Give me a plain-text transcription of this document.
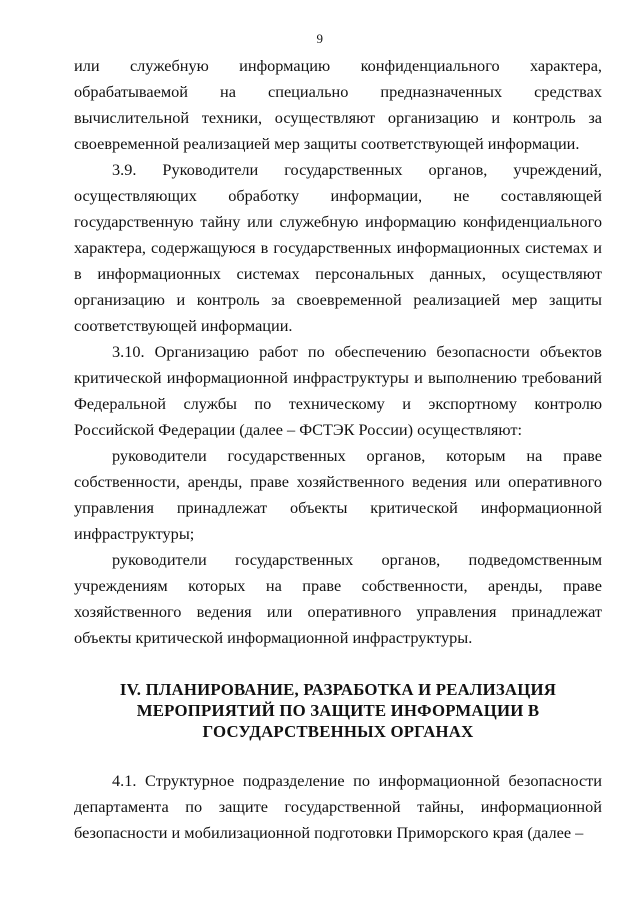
9

или служебную информацию конфиденциального характера, обрабатываемой на специально предназначенных средствах вычислительной техники, осуществляют организацию и контроль за своевременной реализацией мер защиты соответствующей информации.

3.9. Руководители государственных органов, учреждений, осуществляющих обработку информации, не составляющей государственную тайну или служебную информацию конфиденциального характера, содержащуюся в государственных информационных системах и в информационных системах персональных данных, осуществляют организацию и контроль за своевременной реализацией мер защиты соответствующей информации.

3.10. Организацию работ по обеспечению безопасности объектов критической информационной инфраструктуры и выполнению требований Федеральной службы по техническому и экспортному контролю Российской Федерации (далее – ФСТЭК России) осуществляют:

руководители государственных органов, которым на праве собственности, аренды, праве хозяйственного ведения или оперативного управления принадлежат объекты критической информационной инфраструктуры;

руководители государственных органов, подведомственным учреждениям которых на праве собственности, аренды, праве хозяйственного ведения или оперативного управления принадлежат объекты критической информационной инфраструктуры.

IV. ПЛАНИРОВАНИЕ, РАЗРАБОТКА И РЕАЛИЗАЦИЯ
МЕРОПРИЯТИЙ ПО ЗАЩИТЕ ИНФОРМАЦИИ В
ГОСУДАРСТВЕННЫХ ОРГАНАХ

4.1. Структурное подразделение по информационной безопасности департамента по защите государственной тайны, информационной безопасности и мобилизационной подготовки Приморского края (далее –
